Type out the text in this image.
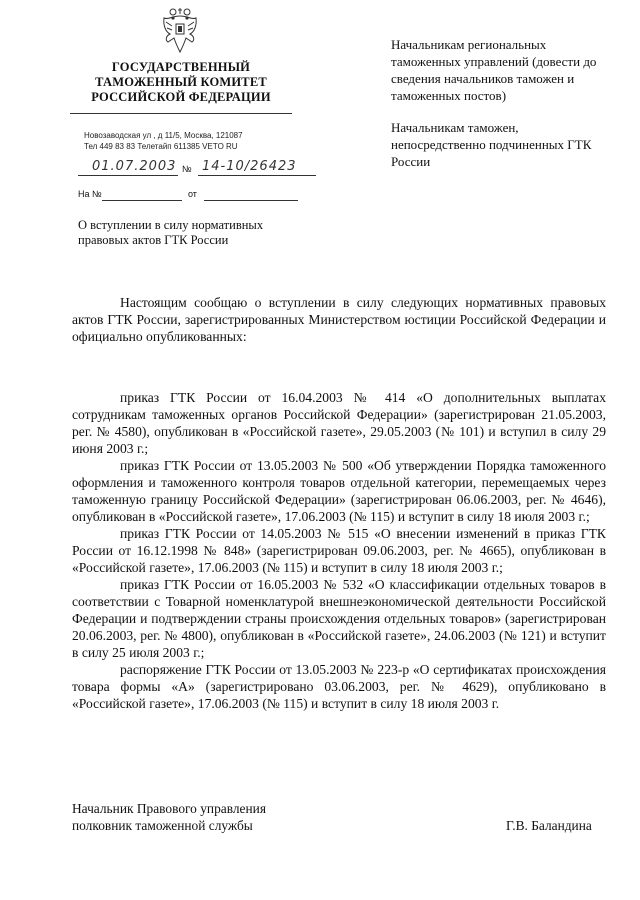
ГОСУДАРСТВЕННЫЙ
ТАМОЖЕННЫЙ КОМИТЕТ
РОССИЙСКОЙ ФЕДЕРАЦИИ
Новозаводская ул , д 11/5, Москва, 121087
Тел 449 83 83 Телетайп 611385 VETO RU
01.07.2003 № 14-10/26423
На №	от
О вступлении в силу нормативных правовых актов ГТК России
Начальникам региональных таможенных управлений (довести до сведения начальников таможен и таможенных постов)
Начальникам таможен, непосредственно подчиненных ГТК России
Настоящим сообщаю о вступлении в силу следующих нормативных правовых актов ГТК России, зарегистрированных Министерством юстиции Российской Федерации и официально опубликованных:

приказ ГТК России от 16.04.2003 № 414 «О дополнительных выплатах сотрудникам таможенных органов Российской Федерации» (зарегистрирован 21.05.2003, рег. № 4580), опубликован в «Российской газете», 29.05.2003 (№ 101) и вступил в силу 29 июня 2003 г.;

приказ ГТК России от 13.05.2003 № 500 «Об утверждении Порядка таможенного оформления и таможенного контроля товаров отдельной категории, перемещаемых через таможенную границу Российской Федерации» (зарегистрирован 06.06.2003, рег. № 4646), опубликован в «Российской газете», 17.06.2003 (№ 115) и вступит в силу 18 июля 2003 г.;

приказ ГТК России от 14.05.2003 № 515 «О внесении изменений в приказ ГТК России от 16.12.1998 № 848» (зарегистрирован 09.06.2003, рег. № 4665), опубликован в «Российской газете», 17.06.2003 (№ 115) и вступит в силу 18 июля 2003 г.;

приказ ГТК России от 16.05.2003 № 532 «О классификации отдельных товаров в соответствии с Товарной номенклатурой внешнеэкономической деятельности Российской Федерации и подтверждении страны происхождения отдельных товаров» (зарегистрирован 20.06.2003, рег. № 4800), опубликован в «Российской газете», 24.06.2003 (№ 121) и вступит в силу 25 июля 2003 г.;

распоряжение ГТК России от 13.05.2003 № 223-р «О сертификатах происхождения товара формы «А» (зарегистрировано 03.06.2003, рег. № 4629), опубликовано в «Российской газете», 17.06.2003 (№ 115) и вступит в силу 18 июля 2003 г.

Начальник Правового управления
полковник таможенной службы	Г.В. Баландина
